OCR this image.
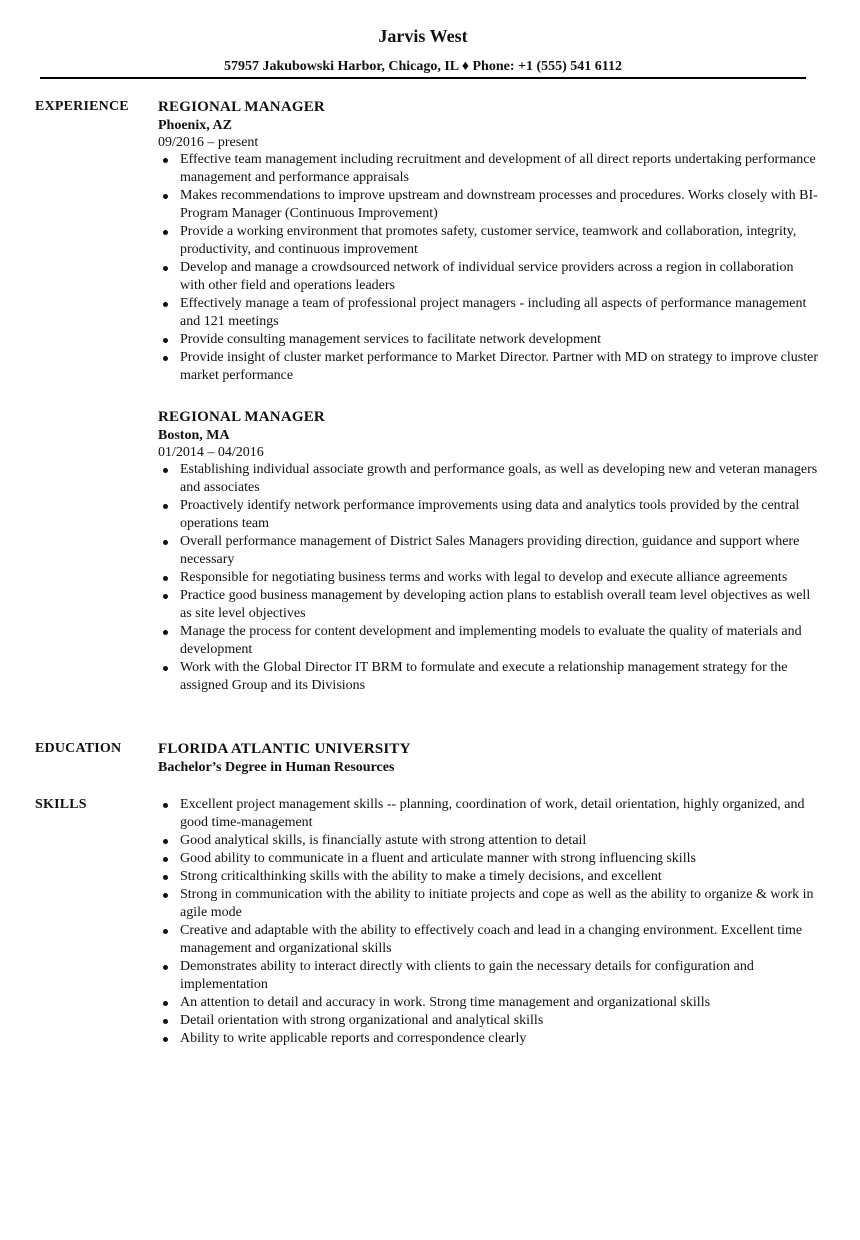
Jarvis West
57957 Jakubowski Harbor, Chicago, IL ♦ Phone: +1 (555) 541 6112
EXPERIENCE REGIONAL MANAGER
Phoenix, AZ
09/2016 – present
Effective team management including recruitment and development of all direct reports undertaking performance management and performance appraisals
Makes recommendations to improve upstream and downstream processes and procedures. Works closely with BI-Program Manager (Continuous Improvement)
Provide a working environment that promotes safety, customer service, teamwork and collaboration, integrity, productivity, and continuous improvement
Develop and manage a crowdsourced network of individual service providers across a region in collaboration with other field and operations leaders
Effectively manage a team of professional project managers - including all aspects of performance management and 121 meetings
Provide consulting management services to facilitate network development
Provide insight of cluster market performance to Market Director. Partner with MD on strategy to improve cluster market performance
REGIONAL MANAGER
Boston, MA
01/2014 – 04/2016
Establishing individual associate growth and performance goals, as well as developing new and veteran managers and associates
Proactively identify network performance improvements using data and analytics tools provided by the central operations team
Overall performance management of District Sales Managers providing direction, guidance and support where necessary
Responsible for negotiating business terms and works with legal to develop and execute alliance agreements
Practice good business management by developing action plans to establish overall team level objectives as well as site level objectives
Manage the process for content development and implementing models to evaluate the quality of materials and development
Work with the Global Director IT BRM to formulate and execute a relationship management strategy for the assigned Group and its Divisions
EDUCATION FLORIDA ATLANTIC UNIVERSITY
Bachelor’s Degree in Human Resources
SKILLS	Excellent project management skills -- planning, coordination of work, detail orientation, highly organized, and good time-management
Good analytical skills, is financially astute with strong attention to detail
Good ability to communicate in a fluent and articulate manner with strong influencing skills
Strong criticalthinking skills with the ability to make a timely decisions, and excellent
Strong in communication with the ability to initiate projects and cope as well as the ability to organize & work in agile mode
Creative and adaptable with the ability to effectively coach and lead in a changing environment. Excellent time management and organizational skills
Demonstrates ability to interact directly with clients to gain the necessary details for configuration and implementation
An attention to detail and accuracy in work. Strong time management and organizational skills
Detail orientation with strong organizational and analytical skills
Ability to write applicable reports and correspondence clearly
